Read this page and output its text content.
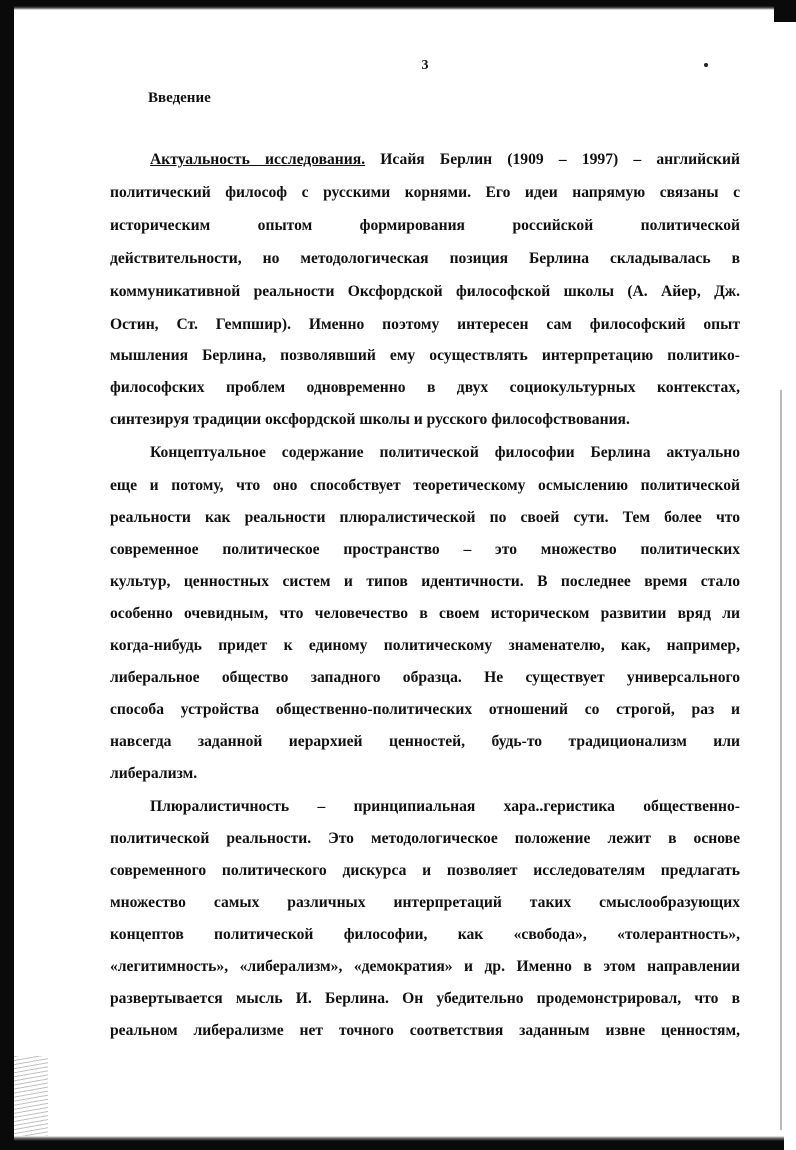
3
Введение
Актуальность исследования. Исайя Берлин (1909 – 1997) – английский
политический философ с русскими корнями. Его идеи напрямую связаны с
историческим опытом формирования российской политической
действительности, но методологическая позиция Берлина складывалась в
коммуникативной реальности Оксфордской философской школы (А. Айер, Дж.
Остин, Ст. Гемпшир). Именно поэтому интересен сам философский опыт
мышления Берлина, позволявший ему осуществлять интерпретацию политико-
философских проблем одновременно в двух социокультурных контекстах,
синтезируя традиции оксфордской школы и русского философствования.
Концептуальное содержание политической философии Берлина актуально
еще и потому, что оно способствует теоретическому осмыслению политической
реальности как реальности плюралистической по своей сути. Тем более что
современное политическое пространство – это множество политических
культур, ценностных систем и типов идентичности. В последнее время стало
особенно очевидным, что человечество в своем историческом развитии вряд ли
когда-нибудь придет к единому политическому знаменателю, как, например,
либеральное общество западного образца. Не существует универсального
способа устройства общественно-политических отношений со строгой, раз и
навсегда заданной иерархией ценностей, будь-то традиционализм или
либерализм.
Плюралистичность – принципиальная хара..геристика общественно-
политической реальности. Это методологическое положение лежит в основе
современного политического дискурса и позволяет исследователям предлагать
множество самых различных интерпретаций таких смыслообразующих
концептов политической философии, как «свобода», «толерантность»,
«легитимность», «либерализм», «демократия» и др. Именно в этом направлении
развертывается мысль И. Берлина. Он убедительно продемонстрировал, что в
реальном либерализме нет точного соответствия заданным извне ценностям,
